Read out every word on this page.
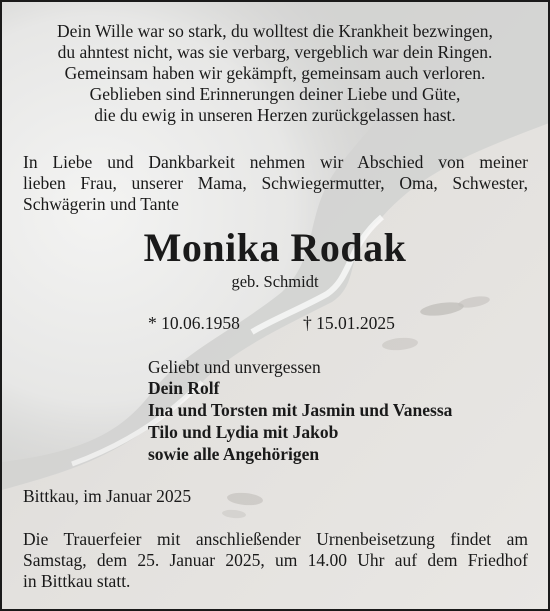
Dein Wille war so stark, du wolltest die Krankheit bezwingen,
du ahntest nicht, was sie verbarg, vergeblich war dein Ringen.
Gemeinsam haben wir gekämpft, gemeinsam auch verloren.
Geblieben sind Erinnerungen deiner Liebe und Güte,
die du ewig in unseren Herzen zurückgelassen hast.
In Liebe und Dankbarkeit nehmen wir Abschied von meiner
lieben Frau, unserer Mama, Schwiegermutter, Oma, Schwester,
Schwägerin und Tante
Monika Rodak
geb. Schmidt
* 10.06.1958	† 15.01.2025
Geliebt und unvergessen
Dein Rolf
Ina und Torsten mit Jasmin und Vanessa
Tilo und Lydia mit Jakob
sowie alle Angehörigen
Bittkau, im Januar 2025
Die Trauerfeier mit anschließender Urnenbeisetzung findet am
Samstag, dem 25. Januar 2025, um 14.00 Uhr auf dem Friedhof
in Bittkau statt.
